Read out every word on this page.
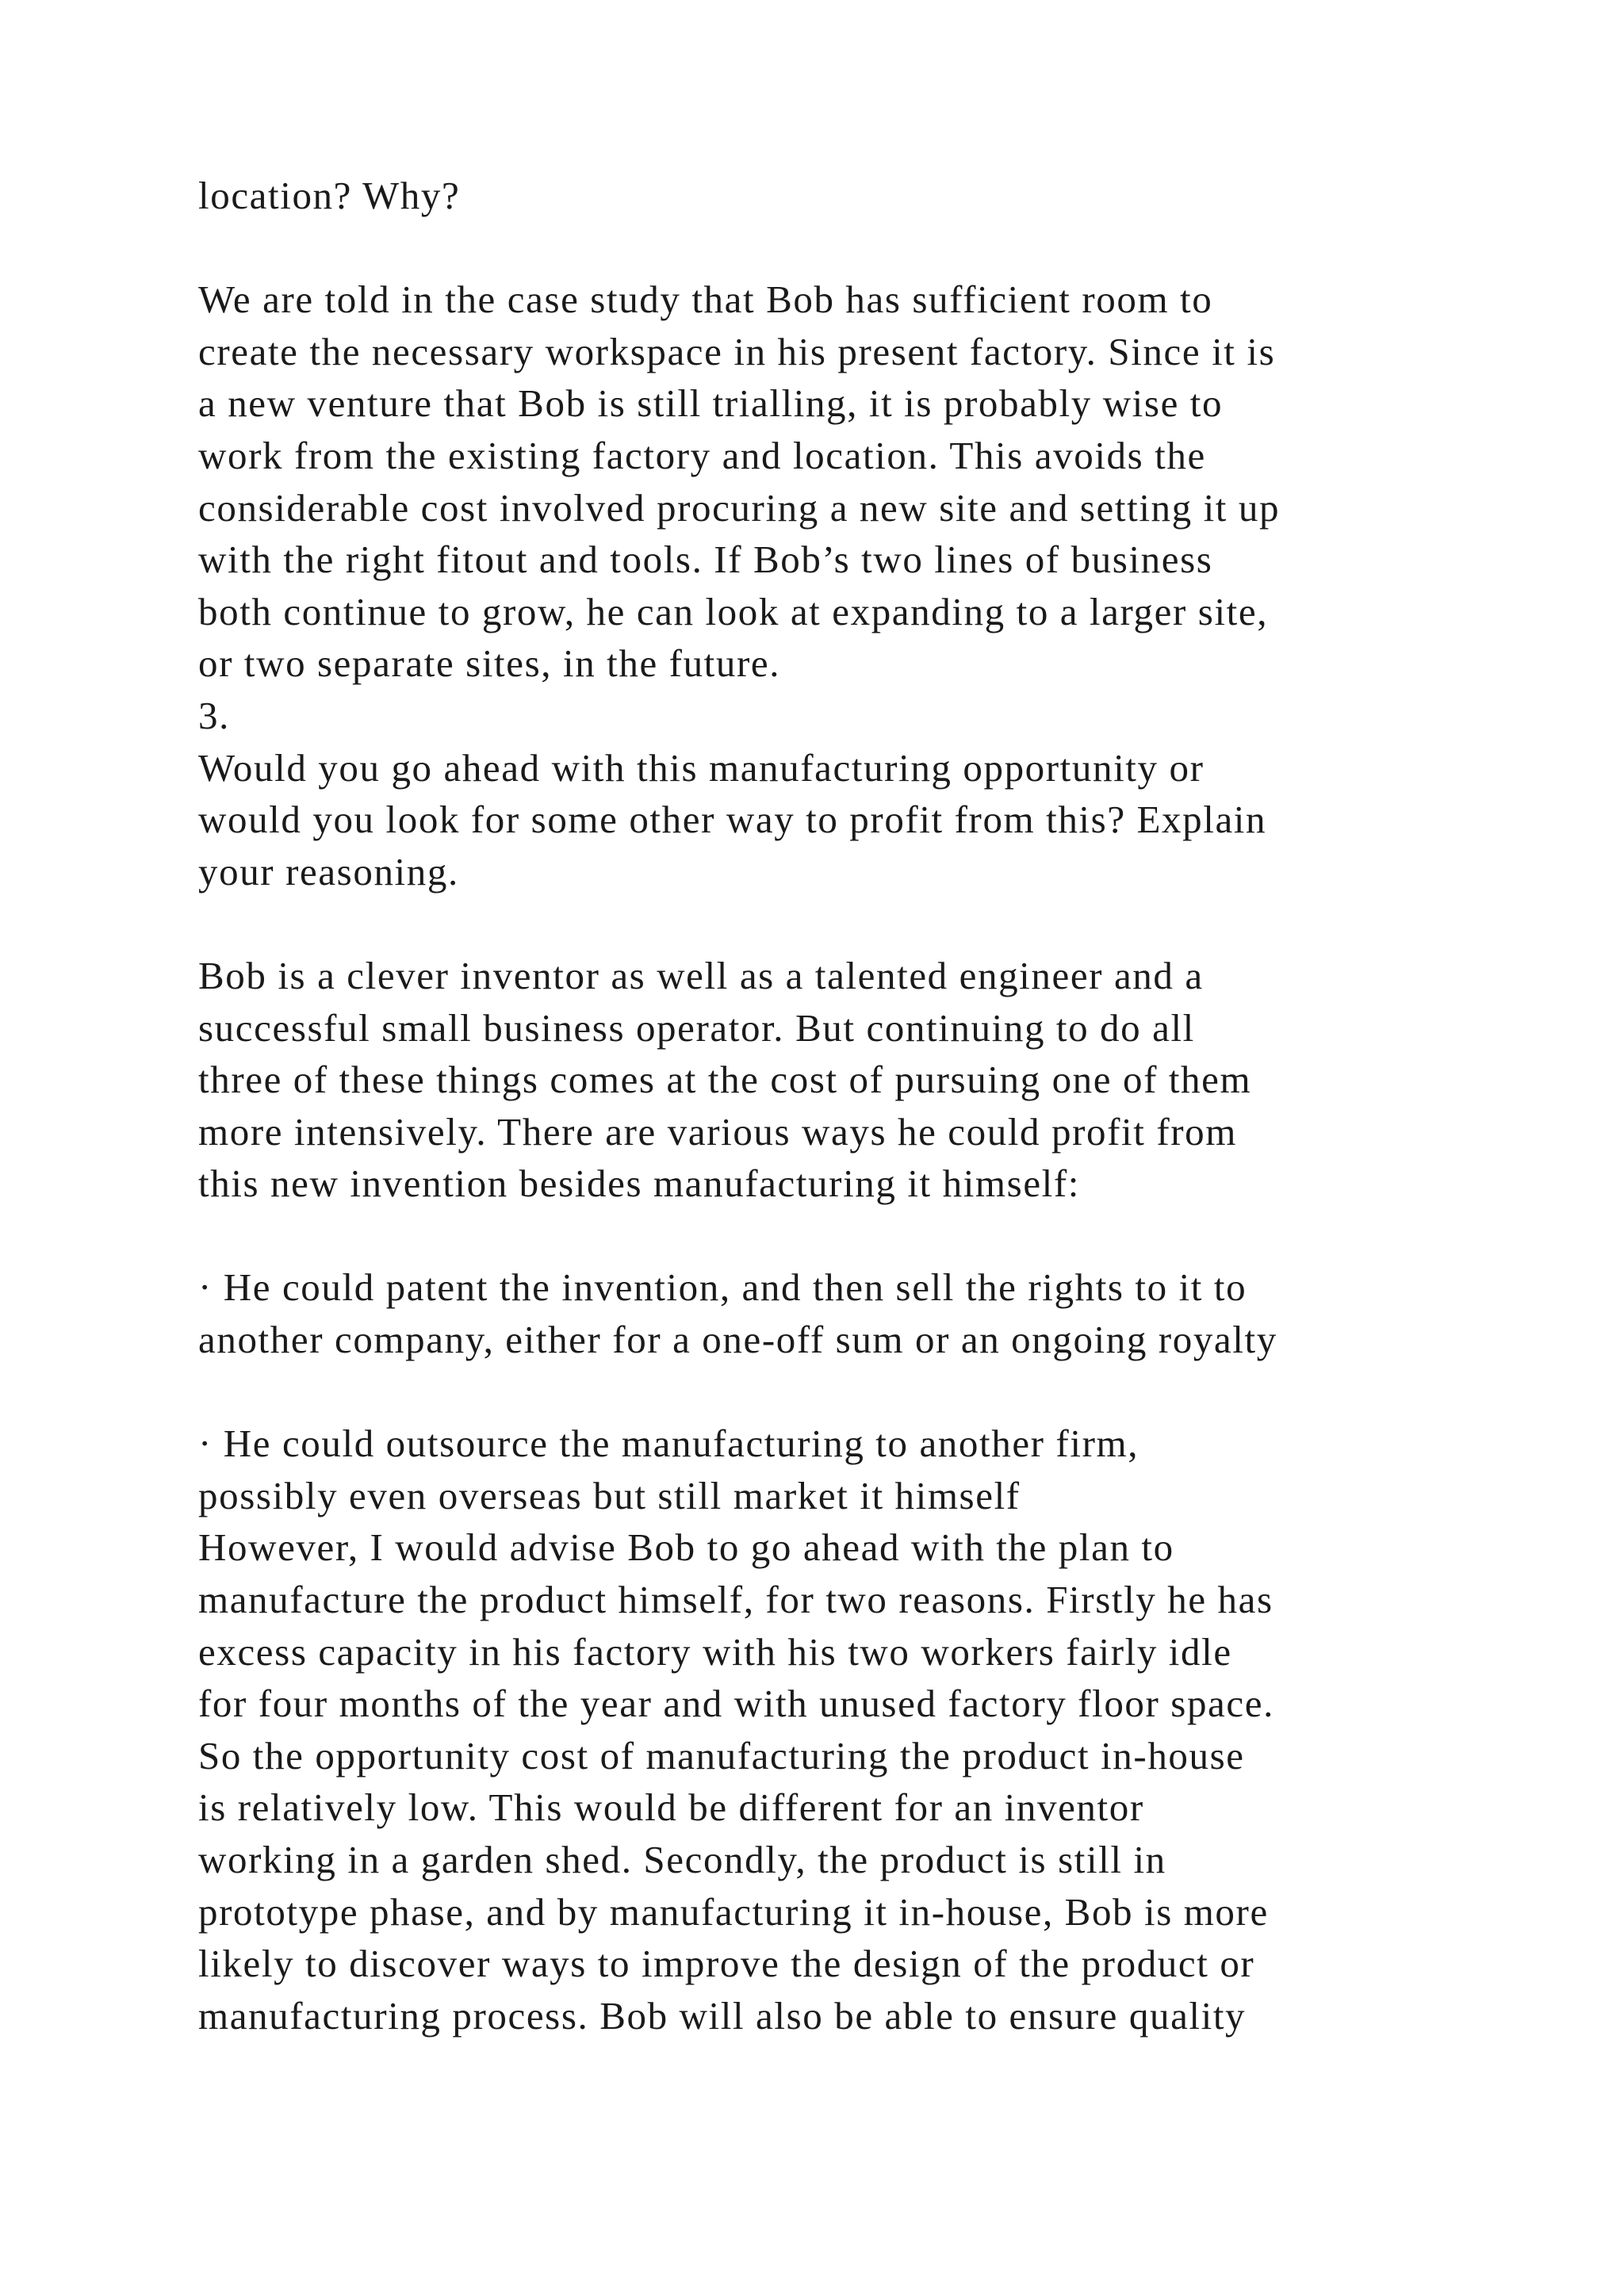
location? Why?
We are told in the case study that Bob has sufficient room to
create the necessary workspace in his present factory. Since it is
a new venture that Bob is still trialling, it is probably wise to
work from the existing factory and location. This avoids the
considerable cost involved procuring a new site and setting it up
with the right fitout and tools. If Bob’s two lines of business
both continue to grow, he can look at expanding to a larger site,
or two separate sites, in the future.
3.
Would you go ahead with this manufacturing opportunity or
would you look for some other way to profit from this? Explain
your reasoning.
Bob is a clever inventor as well as a talented engineer and a
successful small business operator. But continuing to do all
three of these things comes at the cost of pursuing one of them
more intensively. There are various ways he could profit from
this new invention besides manufacturing it himself:
· He could patent the invention, and then sell the rights to it to
another company, either for a one-off sum or an ongoing royalty
· He could outsource the manufacturing to another firm,
possibly even overseas but still market it himself
However, I would advise Bob to go ahead with the plan to
manufacture the product himself, for two reasons. Firstly he has
excess capacity in his factory with his two workers fairly idle
for four months of the year and with unused factory floor space.
So the opportunity cost of manufacturing the product in-house
is relatively low. This would be different for an inventor
working in a garden shed. Secondly, the product is still in
prototype phase, and by manufacturing it in-house, Bob is more
likely to discover ways to improve the design of the product or
manufacturing process. Bob will also be able to ensure quality
